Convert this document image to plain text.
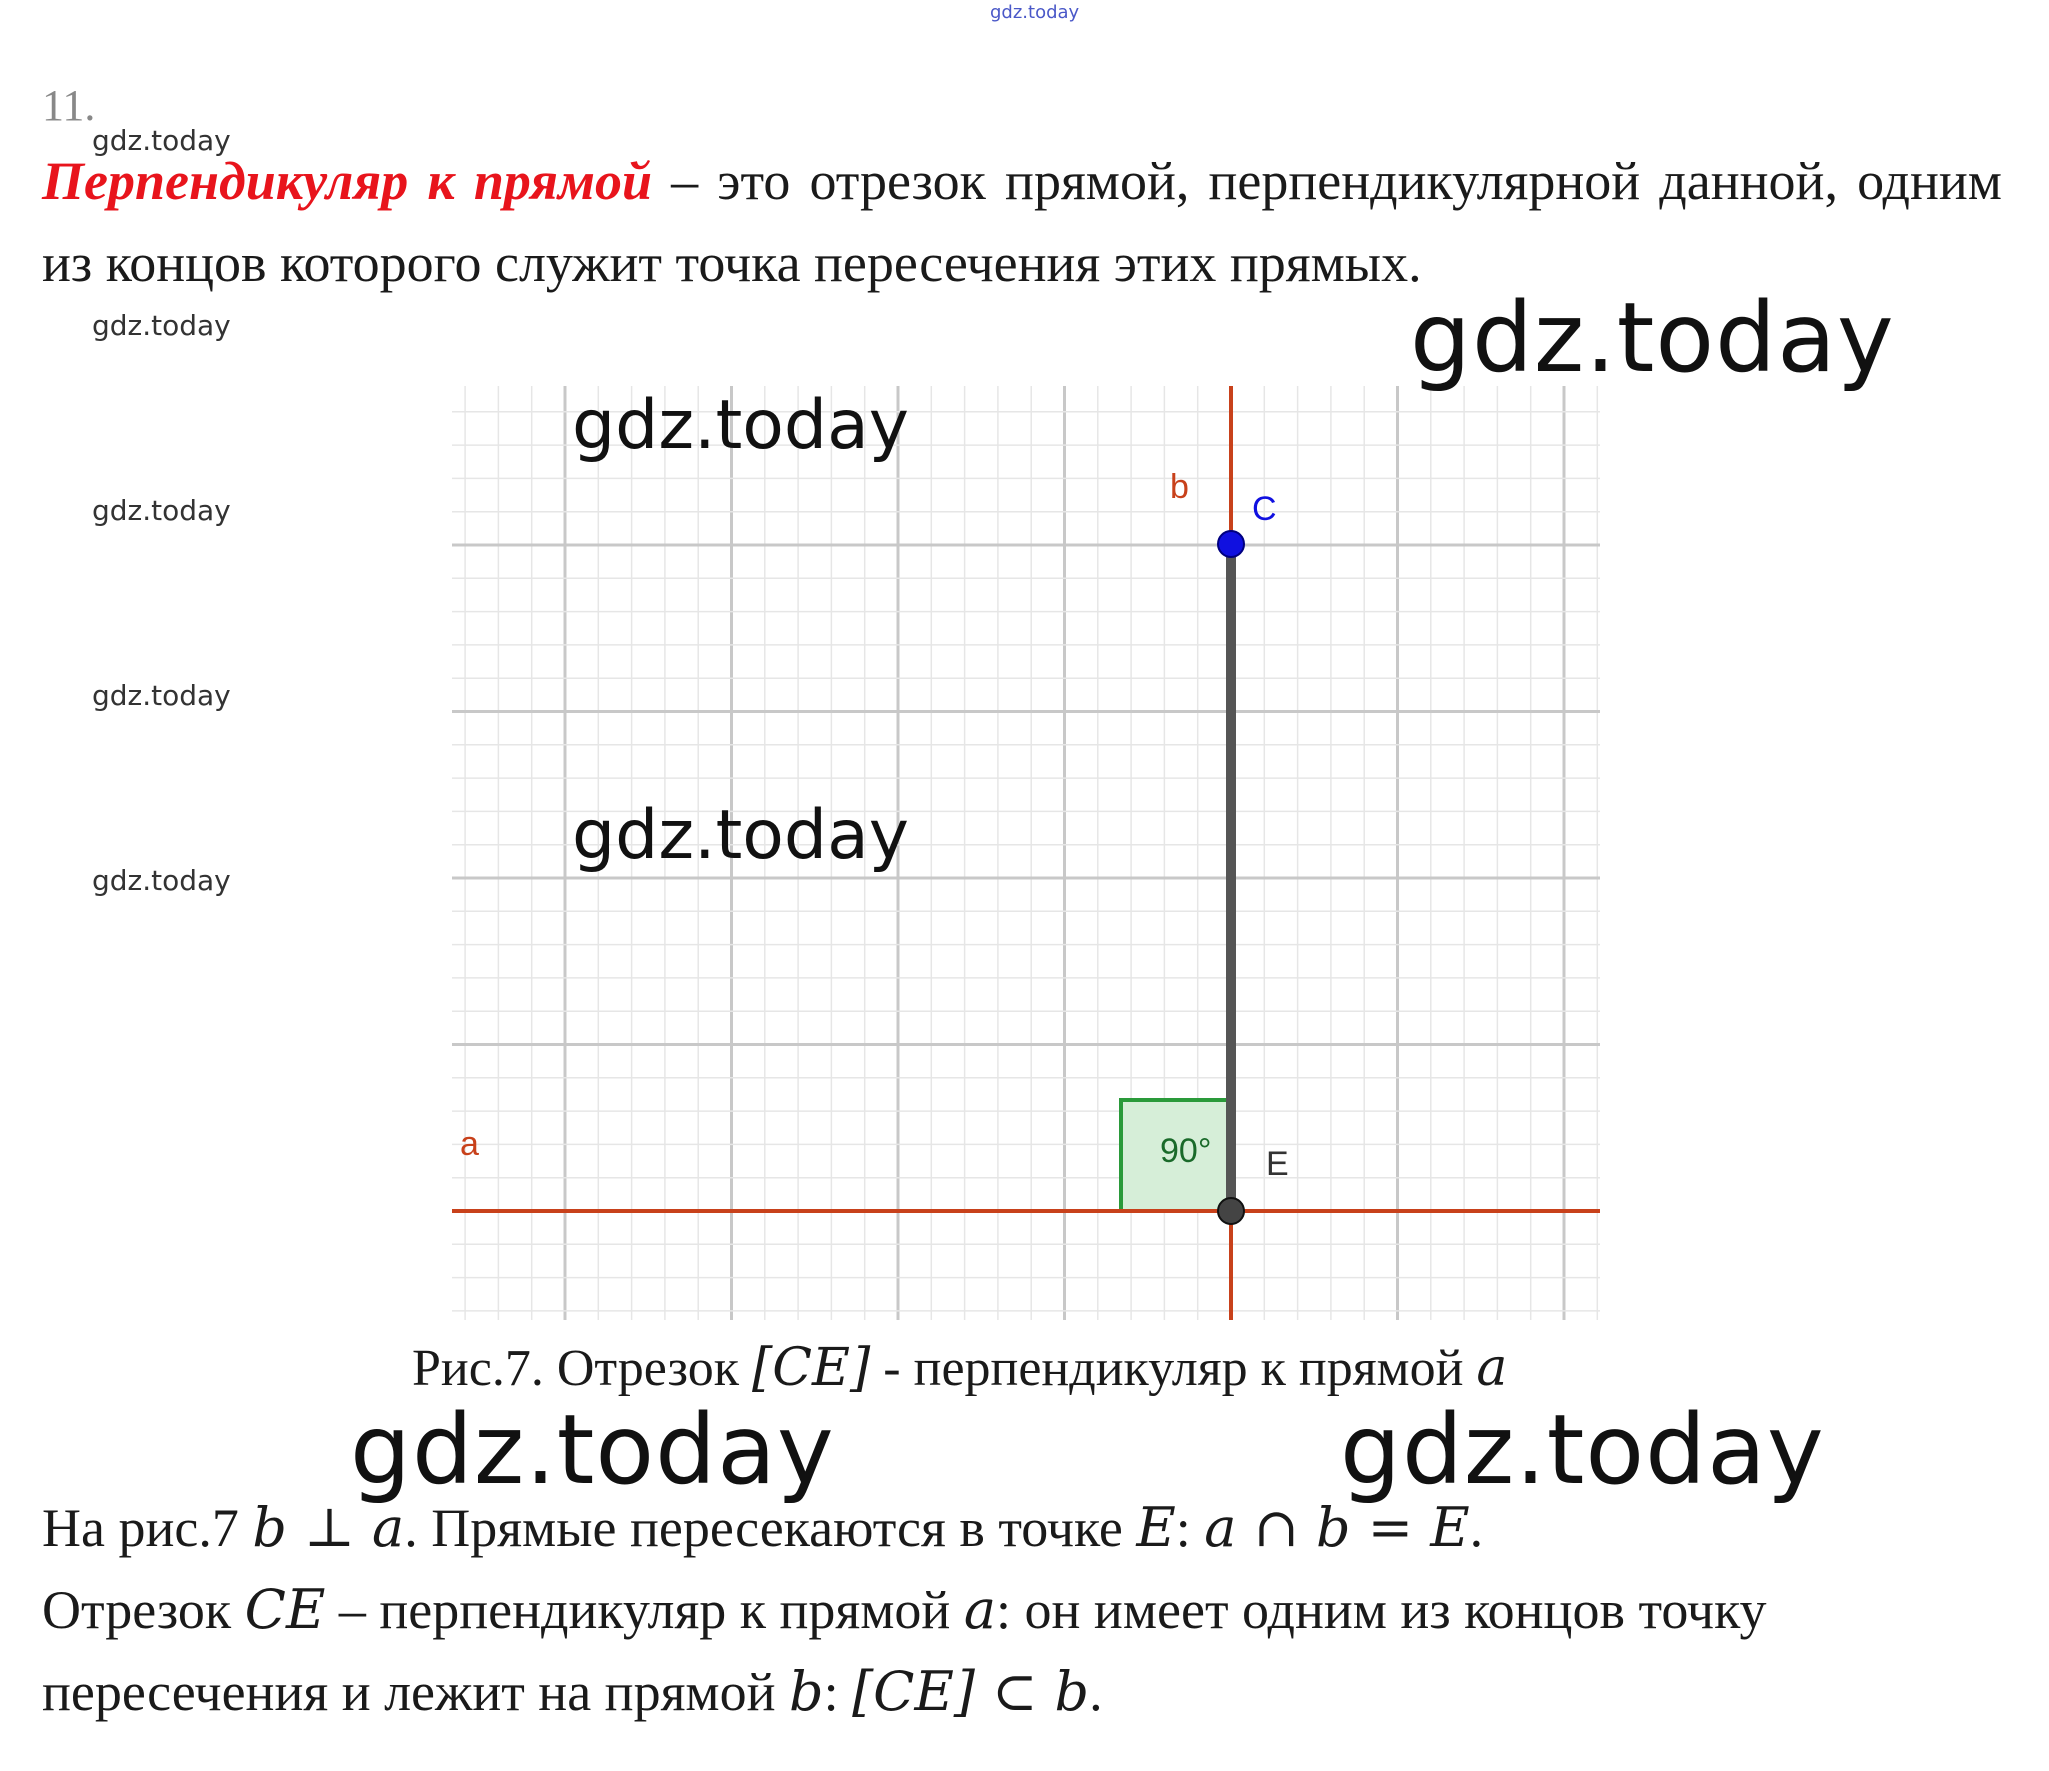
gdz.today
11.
gdz.today
gdz.today
gdz.today
gdz.today
gdz.today
Перпендикуляр к прямой – это отрезок прямой, перпендикулярной данной, одним из концов которого служит точка пересечения этих прямых.
b
C
a
E
90°
gdz.today
gdz.today
gdz.today
Рис.7. Отрезок [CE] - перпендикуляр к прямой a
gdz.today	gdz.today
На рис.7 b ⊥ a. Прямые пересекаются в точке E: a ∩ b = E.
Отрезок CE – перпендикуляр к прямой a: он имеет одним из концов точку
пересечения и лежит на прямой b: [CE] ⊂ b.
